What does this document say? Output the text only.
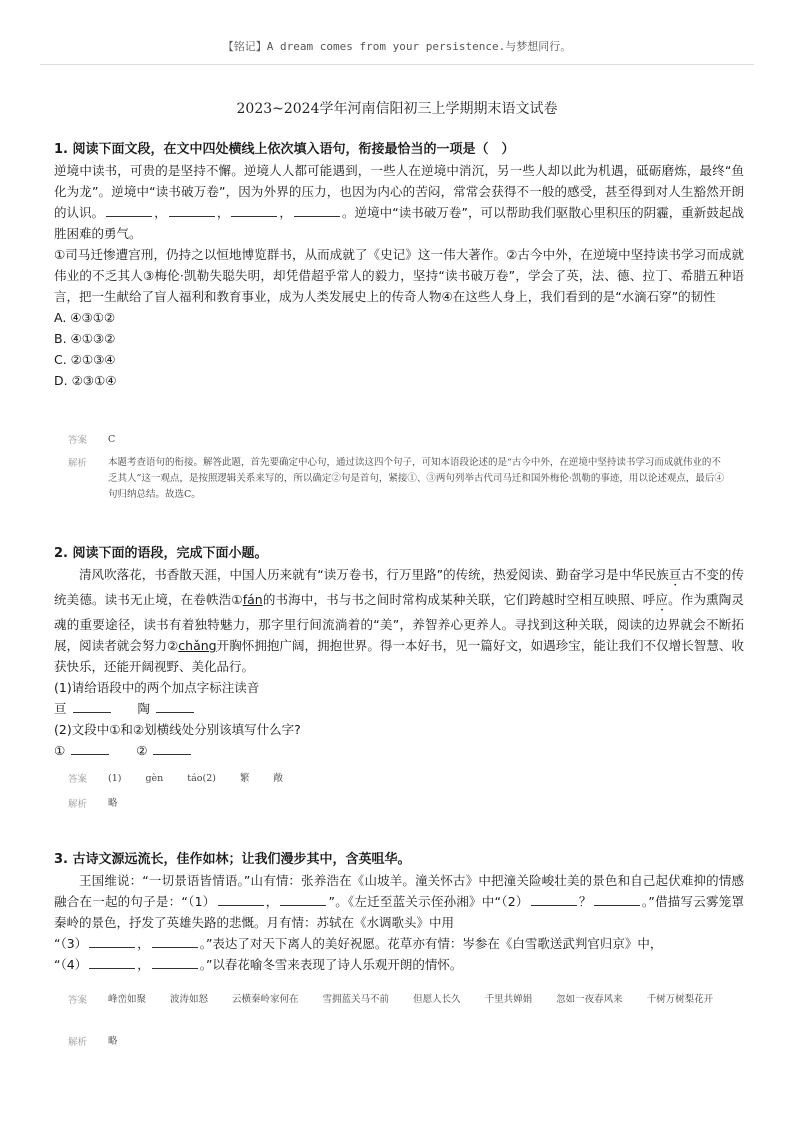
【铭记】A dream comes from your persistence.与梦想同行。
2023~2024学年河南信阳初三上学期期末语文试卷
1. 阅读下面文段，在文中四处横线上依次填入语句，衔接最恰当的一项是（　）
逆境中读书，可贵的是坚持不懈。逆境人人都可能遇到，一些人在逆境中消沉，另一些人却以此为机遇，砥砺磨炼，最终“鱼化为龙”。逆境中“读书破万卷”，因为外界的压力，也因为内心的苦闷，常常会获得不一般的感受，甚至得到对人生豁然开朗的认识。	，	，	，	。逆境中“读书破万卷”，可以帮助我们驱散心里积压的阴霾，重新鼓起战胜困难的勇气。
①司马迁惨遭宫刑，仍持之以恒地博览群书，从而成就了《史记》这一伟大著作。②古今中外，在逆境中坚持读书学习而成就伟业的不乏其人③梅伦·凯勒失聪失明，却凭借超乎常人的毅力，坚持“读书破万卷”，学会了英，法、德、拉丁、希腊五种语言，把一生献给了盲人福利和教育事业，成为人类发展史上的传奇人物④在这些人身上，我们看到的是“水滴石穿”的韧性
A. ④③①②
B. ④①③②
C. ②①③④
D. ②③①④
答案 C
解析 本题考查语句的衔接。解答此题，首先要确定中心句，通过读这四个句子，可知本语段论述的是“古今中外，在逆境中坚持读书学习而成就伟业的不乏其人”这一观点，是按照逻辑关系来写的，所以确定②句是首句，紧接①、③两句列举古代司马迁和国外梅伦·凯勒的事迹，用以论述观点，最后④句归纳总结。故选C。
2. 阅读下面的语段，完成下面小题。
清风吹落花，书香散天涯，中国人历来就有“读万卷书，行万里路”的传统，热爱阅读、勤奋学习是中华民族亘古不变的传统美德。读书无止境，在卷帙浩①fán的书海中，书与书之间时常构成某种关联，它们跨越时空相互映照、呼应。作为熏陶灵魂的重要途径，读书有着独特魅力，那字里行间流淌着的“美”，养智养心更养人。寻找到这种关联，阅读的边界就会不断拓展，阅读者就会努力②chǎng开胸怀拥抱广阔，拥抱世界。得一本好书，见一篇好文，如遇珍宝，能让我们不仅增长智慧、收获快乐，还能开阔视野、美化品行。
(1)请给语段中的两个加点字标注读音
亘 　　	陶
(2)文段中①和②划横线处分别该填写什么字?
① 　　	②
答案 (1)	gèn	táo(2)	繁	敞
解析 略
3. 古诗文源远流长，佳作如林；让我们漫步其中，含英咀华。
王国维说：“一切景语皆情语。”山有情：张养浩在《山坡羊。潼关怀古》中把潼关险峻壮美的景色和自己起伏难抑的情感融合在一起的句子是：“（1）	，	”。《左迁至蓝关示侄孙湘》中“（2）	？	。”借描写云雾笼罩秦岭的景色，抒发了英雄失路的悲慨。月有情：苏轼在《水调歌头》中用
“（3）	，	。”表达了对天下离人的美好祝愿。花草亦有情：岑参在《白雪歌送武判官归京》中，
“（4）	，	。”以春花喻冬雪来表现了诗人乐观开朗的情怀。
答案 峰峦如聚	波涛如怒	云横秦岭家何在	雪拥蓝关马不前	但愿人长久	千里共婵娟	忽如一夜春风来	千树万树梨花开
解析 略
